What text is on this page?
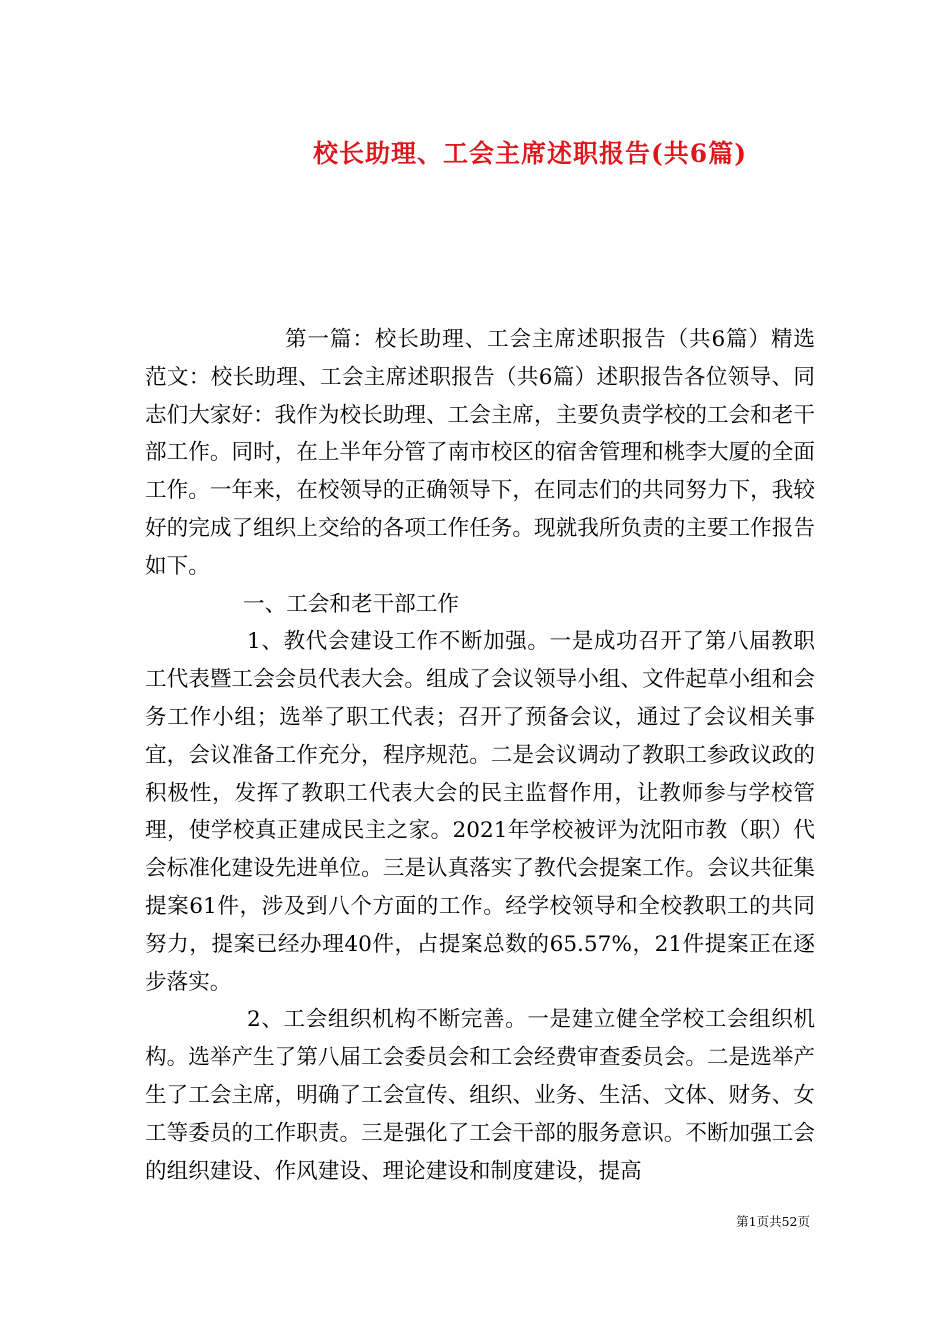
校长助理、工会主席述职报告(共6篇)

第一篇：校长助理、工会主席述职报告（共6篇）精选范文：校长助理、工会主席述职报告（共6篇）述职报告各位领导、同志们大家好：我作为校长助理、工会主席，主要负责学校的工会和老干部工作。同时，在上半年分管了南市校区的宿舍管理和桃李大厦的全面工作。一年来，在校领导的正确领导下，在同志们的共同努力下，我较好的完成了组织上交给的各项工作任务。现就我所负责的主要工作报告如下。

一、工会和老干部工作

1、教代会建设工作不断加强。一是成功召开了第八届教职工代表暨工会会员代表大会。组成了会议领导小组、文件起草小组和会务工作小组；选举了职工代表；召开了预备会议，通过了会议相关事宜，会议准备工作充分，程序规范。二是会议调动了教职工参政议政的积极性，发挥了教职工代表大会的民主监督作用，让教师参与学校管理，使学校真正建成民主之家。2021年学校被评为沈阳市教（职）代会标准化建设先进单位。三是认真落实了教代会提案工作。会议共征集提案61件，涉及到八个方面的工作。经学校领导和全校教职工的共同努力，提案已经办理40件，占提案总数的65.57%，21件提案正在逐步落实。

2、工会组织机构不断完善。一是建立健全学校工会组织机构。选举产生了第八届工会委员会和工会经费审查委员会。二是选举产生了工会主席，明确了工会宣传、组织、业务、生活、文体、财务、女工等委员的工作职责。三是强化了工会干部的服务意识。不断加强工会的组织建设、作风建设、理论建设和制度建设，提高

第1页共52页
